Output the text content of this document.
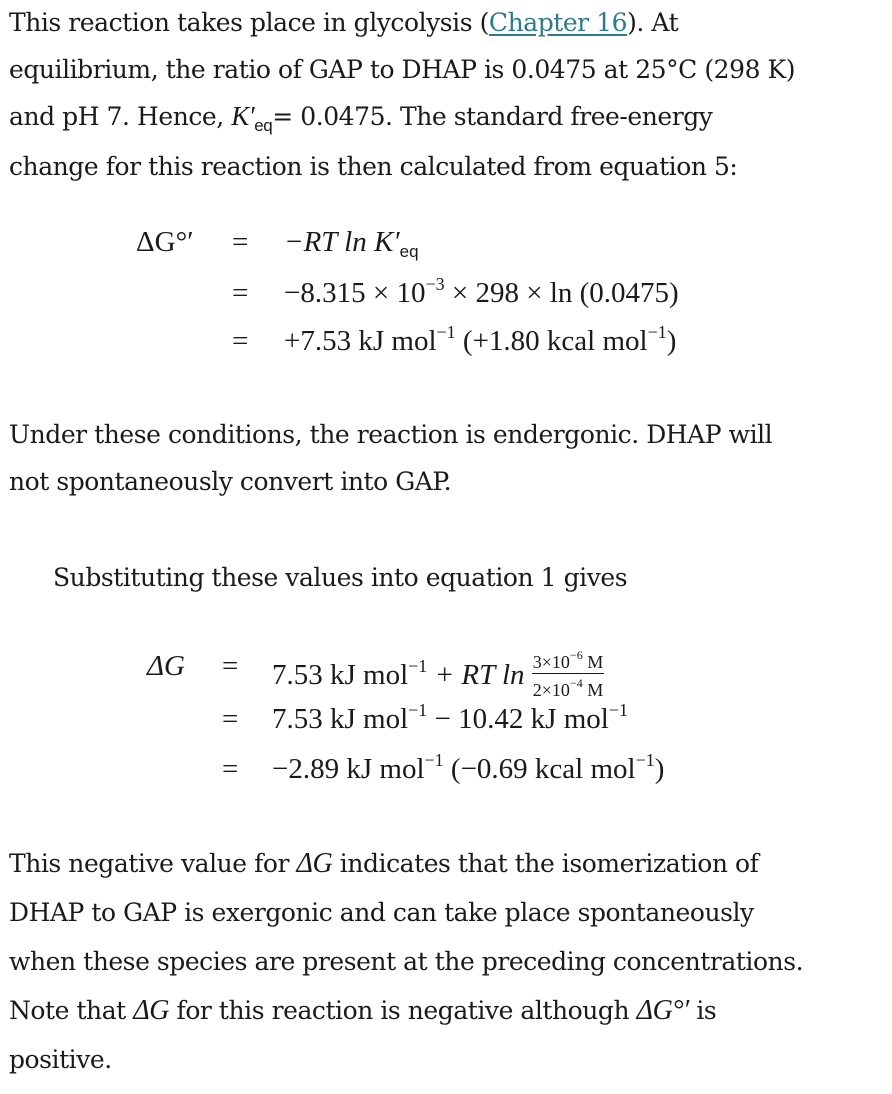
This reaction takes place in glycolysis (Chapter 16). At
equilibrium, the ratio of GAP to DHAP is 0.0475 at 25°C (298 K)
and pH 7. Hence, $K'_{eq}= 0.0475$. The standard free-energy
change for this reaction is then calculated from equation 5:

ΔG°′ = −RT $\ln K'_{eq}$
= $-8.315 \times 10^{-3} \times 298 \times \ln (0.0475)$
= +7.53 kJ mol$^{-1}$ (+1.80 kcal mol$^{-1}$)

Under these conditions, the reaction is endergonic. DHAP will
not spontaneously convert into GAP.

Substituting these values into equation 1 gives

ΔG = 7.53 kJ mol$^{-1}$ + RT $\ln \frac{3\times 10^{-6} M}{2\times 10^{-4} M}$
= 7.53 kJ mol$^{-1}$ − 10.42 kJ mol$^{-1}$
= −2.89 kJ mol$^{-1}$ (−0.69 kcal mol$^{-1}$)

This negative value for ΔG indicates that the isomerization of
DHAP to GAP is exergonic and can take place spontaneously
when these species are present at the preceding concentrations.
Note that ΔG for this reaction is negative although ΔG°′ is
positive.
